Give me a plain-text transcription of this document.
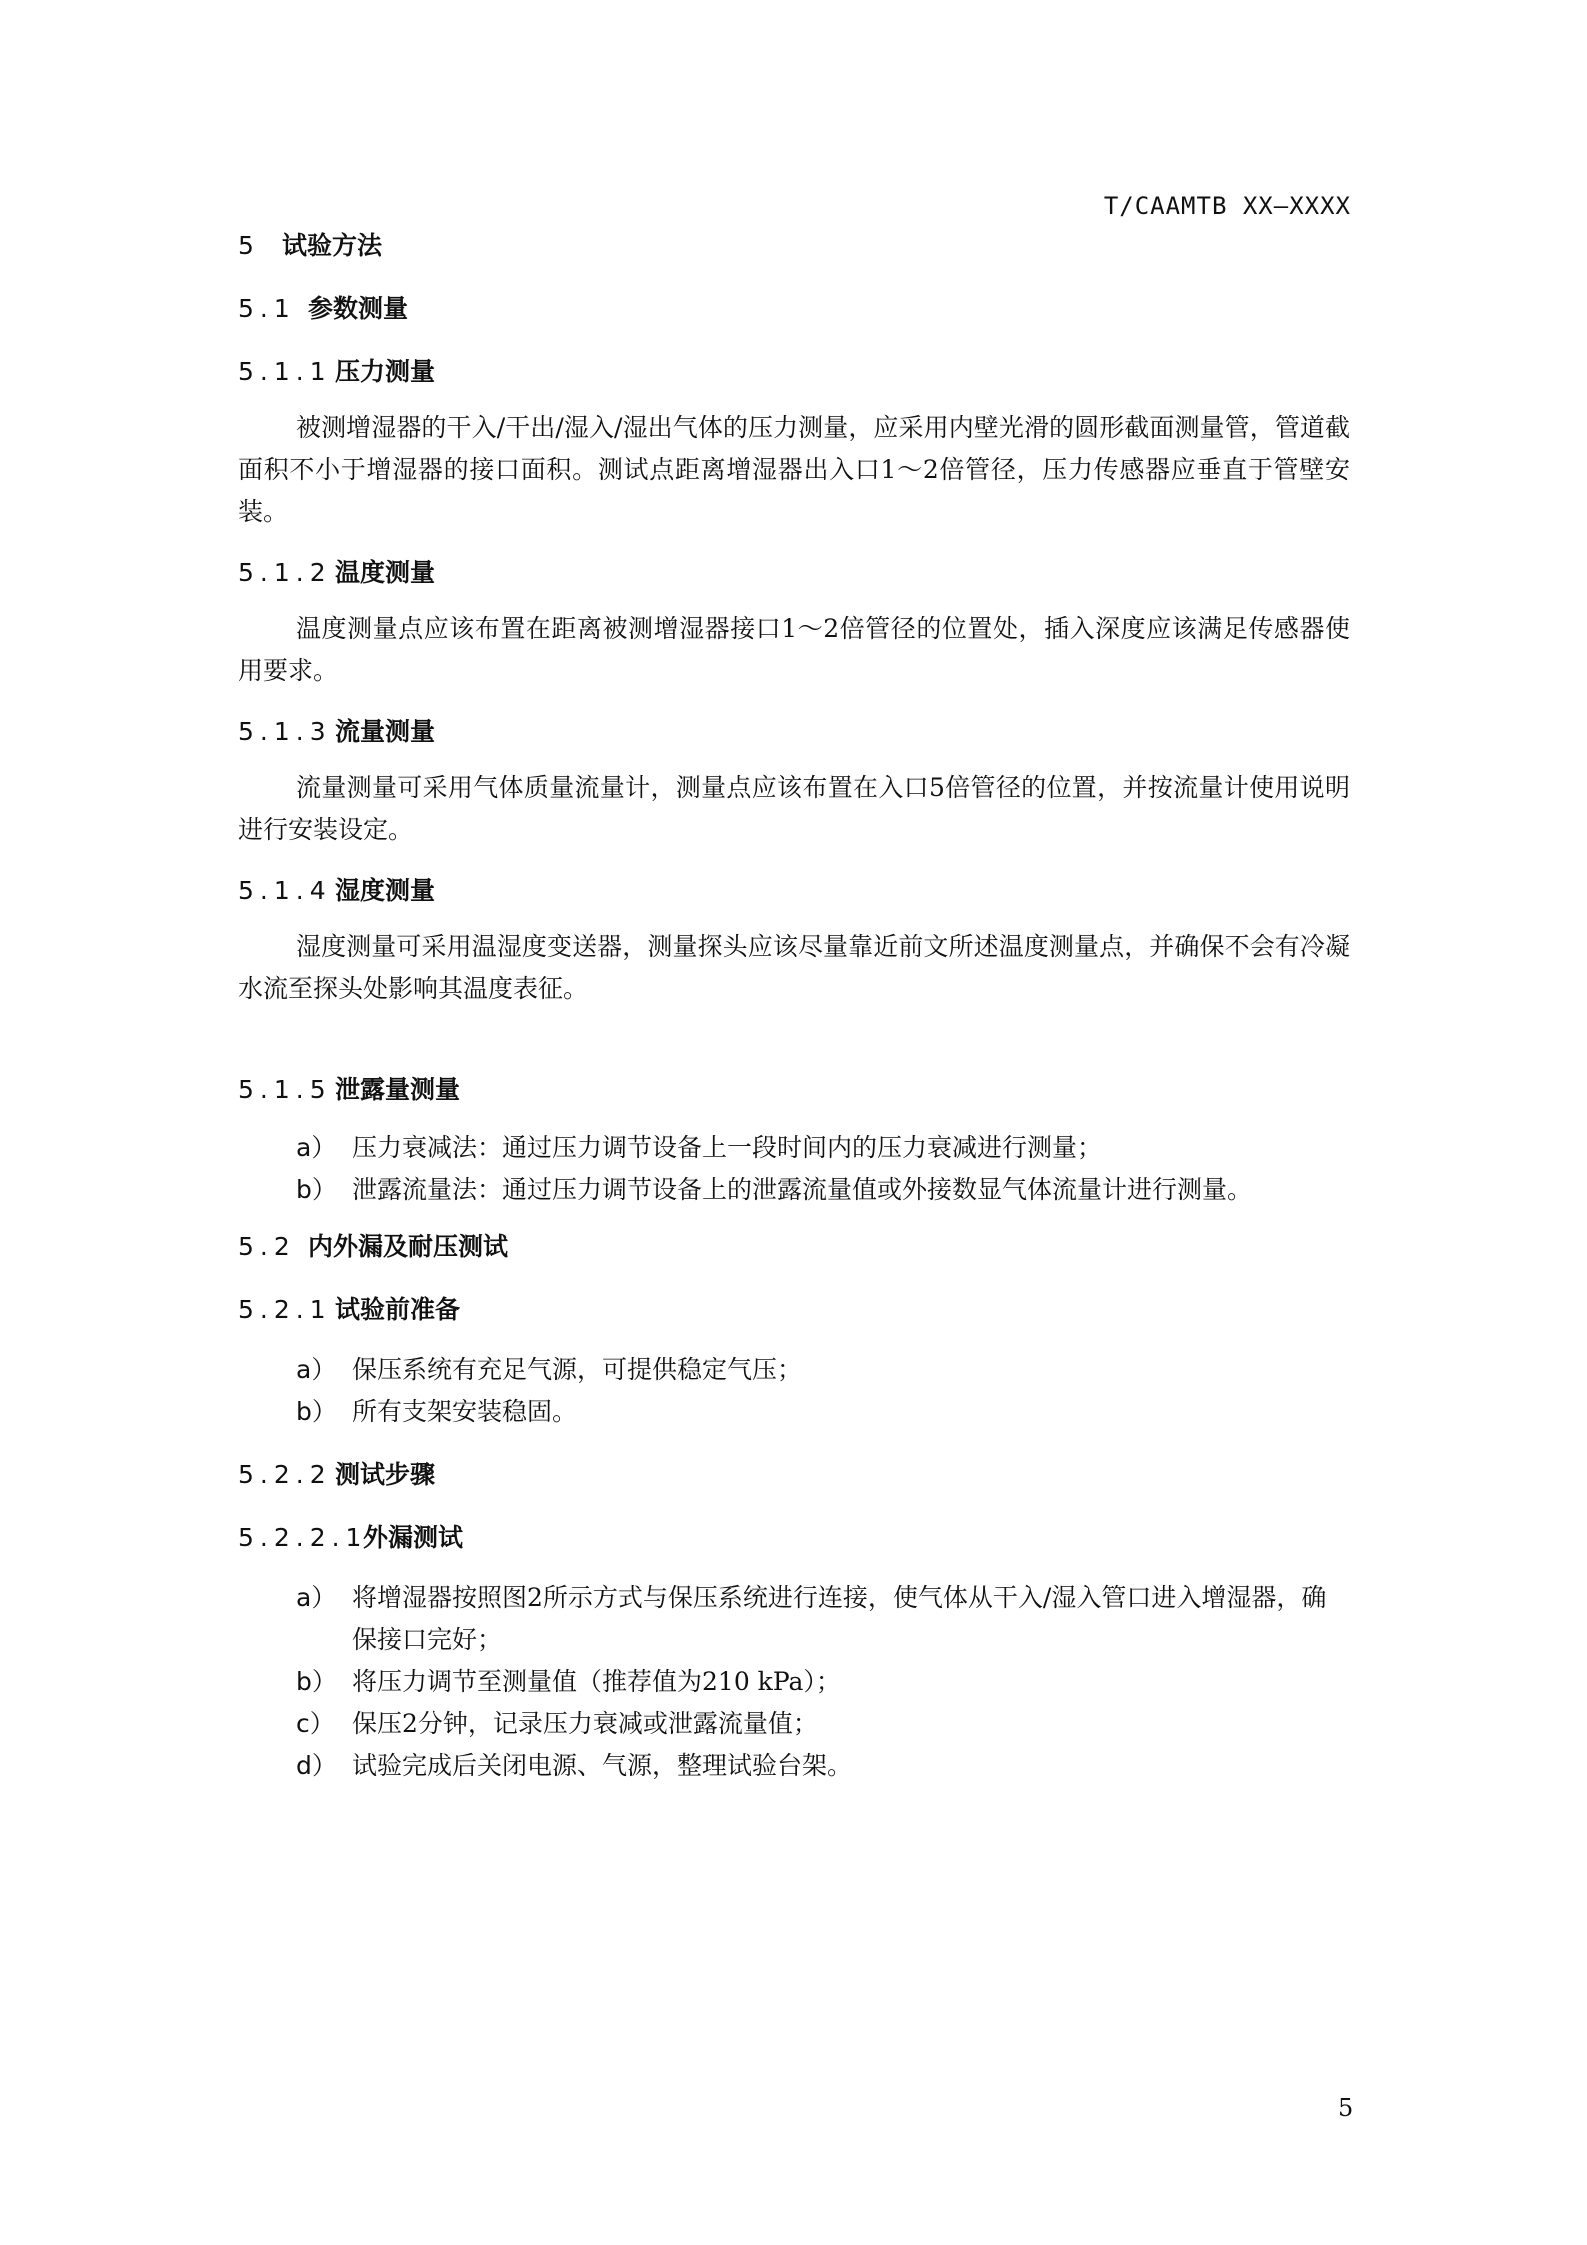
T/CAAMTB XX—XXXX
5 试验方法
5.1 参数测量
5.1.1 压力测量

被测增湿器的干入/干出/湿入/湿出气体的压力测量，应采用内壁光滑的圆形截面测量管，管道截面积不小于增湿器的接口面积。测试点距离增湿器出入口1～2倍管径，压力传感器应垂直于管壁安装。

5.1.2 温度测量

温度测量点应该布置在距离被测增湿器接口1～2倍管径的位置处，插入深度应该满足传感器使用要求。

5.1.3 流量测量

流量测量可采用气体质量流量计，测量点应该布置在入口5倍管径的位置，并按流量计使用说明进行安装设定。

5.1.4 湿度测量

湿度测量可采用温湿度变送器，测量探头应该尽量靠近前文所述温度测量点，并确保不会有冷凝水流至探头处影响其温度表征。

5.1.5 泄露量测量
a） 压力衰减法：通过压力调节设备上一段时间内的压力衰减进行测量；
b） 泄露流量法：通过压力调节设备上的泄露流量值或外接数显气体流量计进行测量。
5.2 内外漏及耐压测试
5.2.1 试验前准备
a） 保压系统有充足气源，可提供稳定气压；
b） 所有支架安装稳固。
5.2.2 测试步骤
5.2.2.1外漏测试
a） 将增湿器按照图2所示方式与保压系统进行连接，使气体从干入/湿入管口进入增湿器，确保接口完好；
b） 将压力调节至测量值（推荐值为210 kPa）；
c） 保压2分钟，记录压力衰减或泄露流量值；
d） 试验完成后关闭电源、气源，整理试验台架。
5
